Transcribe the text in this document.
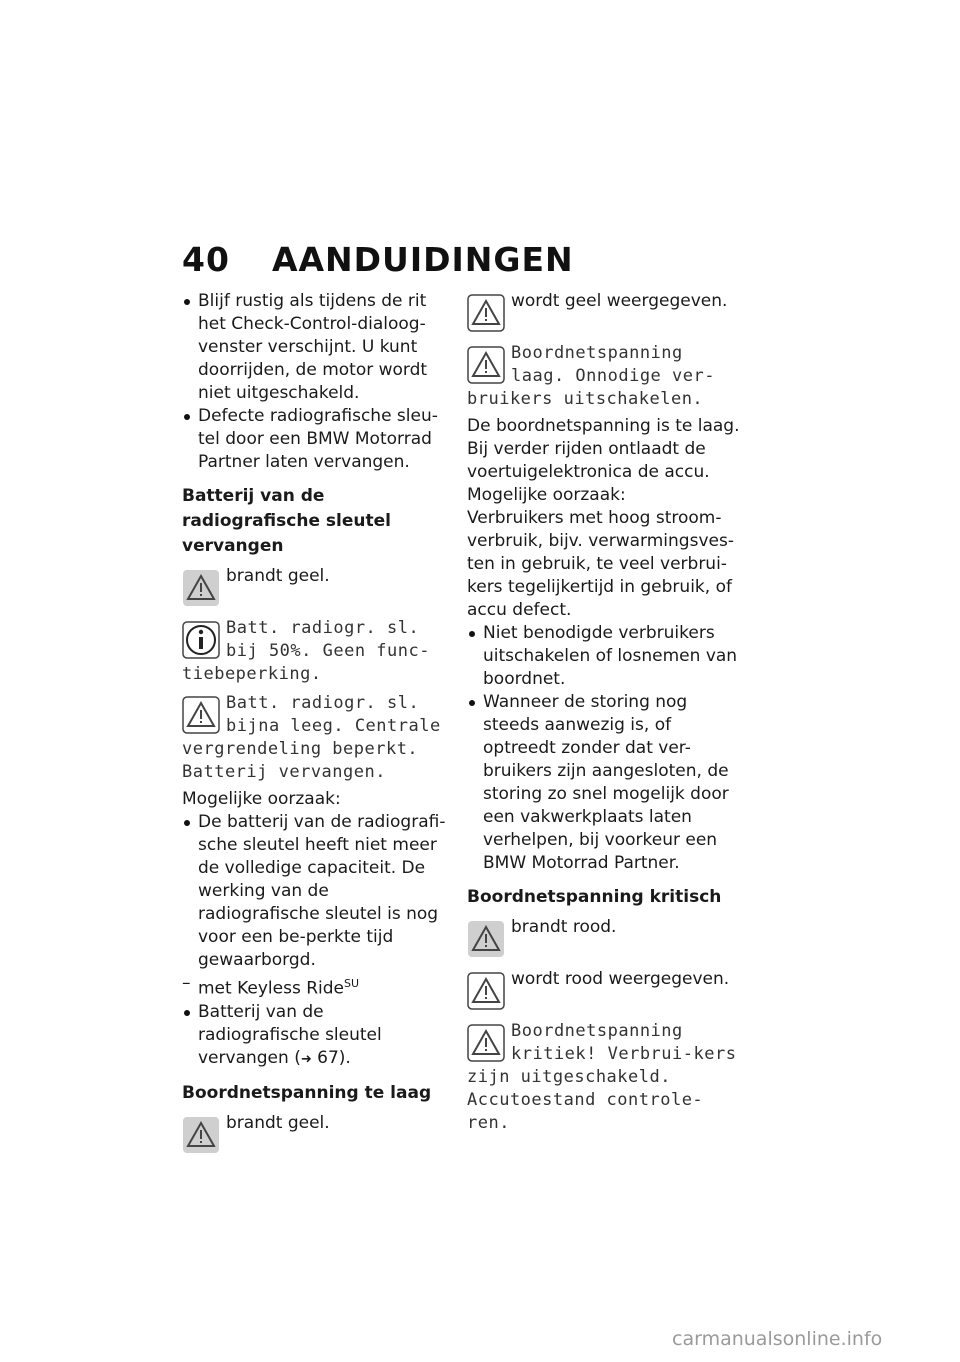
40 AANDUIDINGEN
Blijf rustig als tijdens de rit het Check-Control-dialoog-venster verschijnt. U kunt doorrijden, de motor wordt niet uitgeschakeld.
Defecte radiografische sleu-tel door een BMW Motorrad Partner laten vervangen.
Batterij van de radiografische sleutel vervangen
brandt geel.
Batt. radiogr. sl. bij 50%. Geen func-tiebeperking.
Batt. radiogr. sl. bijna leeg. Centrale vergrendeling beperkt. Batterij vervangen.
Mogelijke oorzaak:
De batterij van de radiografi-sche sleutel heeft niet meer de volledige capaciteit. De werking van de radiografische sleutel is nog voor een be-perkte tijd gewaarborgd.
– met Keyless Ride$^{SU}$
Batterij van de radiografische sleutel vervangen (➜ 67).
Boordnetspanning te laag
brandt geel.
wordt geel weergegeven.
Boordnetspanning laag. Onnodige ver-bruikers uitschakelen.
De boordnetspanning is te laag. Bij verder rijden ontlaadt de voertuigelektronica de accu.
Mogelijke oorzaak:
Verbruikers met hoog stroom-verbruik, bijv. verwarmingsves-ten in gebruik, te veel verbrui-kers tegelijkertijd in gebruik, of accu defect.
Niet benodigde verbruikers uitschakelen of losnemen van boordnet.
Wanneer de storing nog steeds aanwezig is, of optreedt zonder dat ver-bruikers zijn aangesloten, de storing zo snel mogelijk door een vakwerkplaats laten verhelpen, bij voorkeur een BMW Motorrad Partner.
Boordnetspanning kritisch
brandt rood.
wordt rood weergegeven.
Boordnetspanning kritiek! Verbrui-kers zijn uitgeschakeld. Accutoestand controle-ren.
carmanualsonline.info
